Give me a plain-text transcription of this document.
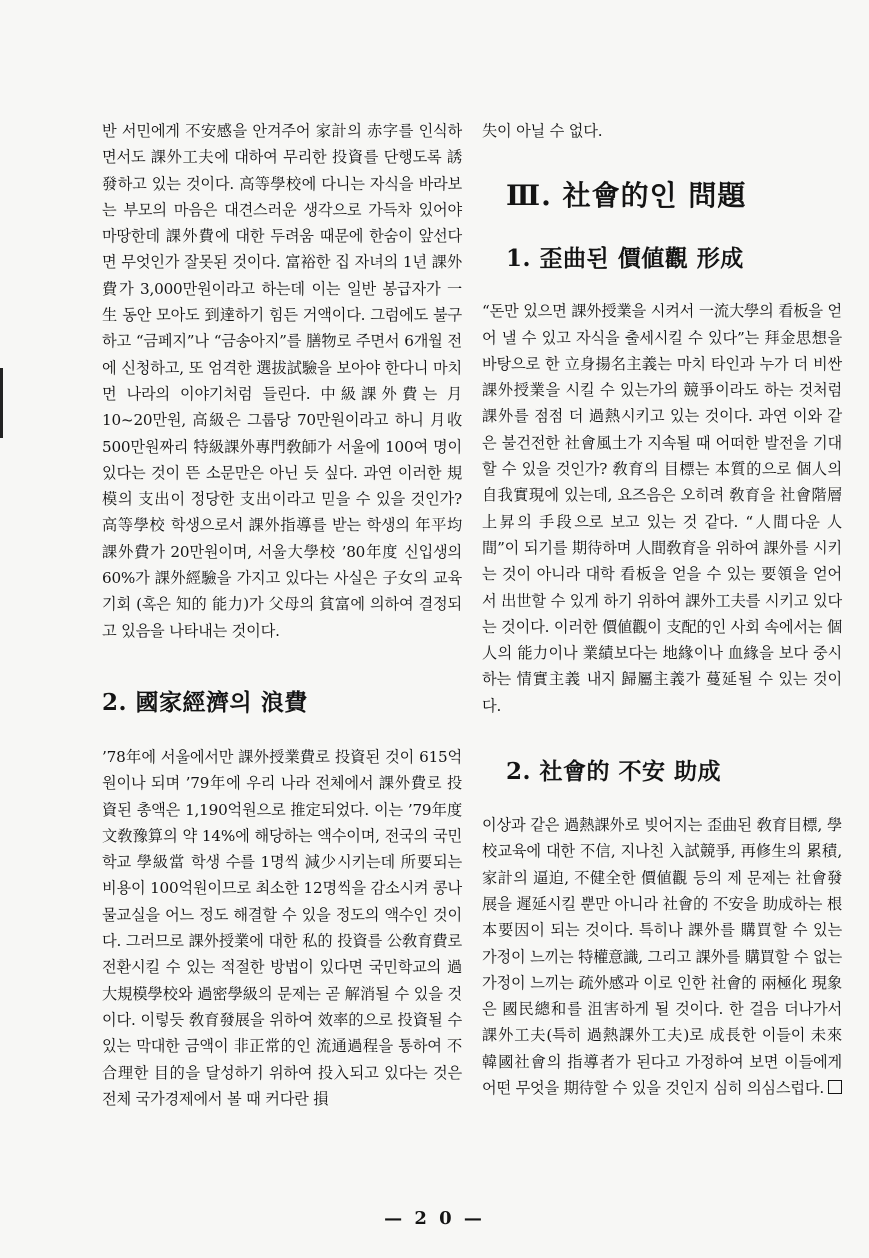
반 서민에게 不安感을 안겨주어 家計의 赤字를 인식하면서도 課外工夫에 대하여 무리한 投資를 단행도록 誘發하고 있는 것이다. 高等學校에 다니는 자식을 바라보는 부모의 마음은 대견스러운 생각으로 가득차 있어야 마땅한데 課外費에 대한 두려움 때문에 한숨이 앞선다면 무엇인가 잘못된 것이다. 富裕한 집 자녀의 1년 課外費가 3,000만원이라고 하는데 이는 일반 봉급자가 一生 동안 모아도 到達하기 힘든 거액이다. 그럼에도 불구하고 “금페지”나 “금송아지”를 膳物로 주면서 6개월 전에 신청하고, 또 엄격한 選拔試驗을 보아야 한다니 마치 먼 나라의 이야기처럼 들린다. 中級課外費는 月 10~20만원, 高級은 그룹당 70만원이라고 하니 月收 500만원짜리 特級課外專門敎師가 서울에 100여 명이 있다는 것이 뜬 소문만은 아닌 듯 싶다. 과연 이러한 規模의 支出이 정당한 支出이라고 믿을 수 있을 것인가? 高等學校 학생으로서 課外指導를 받는 학생의 年平均 課外費가 20만원이며, 서울大學校 ’80年度 신입생의 60%가 課外經驗을 가지고 있다는 사실은 子女의 교육기회 (혹은 知的 能力)가 父母의 貧富에 의하여 결정되고 있음을 나타내는 것이다.

2. 國家經濟의 浪費

’78年에 서울에서만 課外授業費로 投資된 것이 615억원이나 되며 ’79年에 우리 나라 전체에서 課外費로 投資된 총액은 1,190억원으로 推定되었다. 이는 ’79年度 文敎豫算의 약 14%에 해당하는 액수이며, 전국의 국민학교 學級當 학생 수를 1명씩 減少시키는데 所要되는 비용이 100억원이므로 최소한 12명씩을 감소시켜 콩나물교실을 어느 정도 해결할 수 있을 정도의 액수인 것이다. 그러므로 課外授業에 대한 私的 投資를 公敎育費로 전환시킬 수 있는 적절한 방법이 있다면 국민학교의 過大規模學校와 過密學級의 문제는 곧 解消될 수 있을 것이다. 이렇듯 敎育發展을 위하여 效率的으로 投資될 수 있는 막대한 금액이 非正常的인 流通過程을 통하여 不合理한 目的을 달성하기 위하여 投入되고 있다는 것은 전체 국가경제에서 볼 때 커다란 損

失이 아닐 수 없다.

Ⅲ. 社會的인 問題
1. 歪曲된 價値觀 形成

“돈만 있으면 課外授業을 시켜서 一流大學의 看板을 얻어 낼 수 있고 자식을 출세시킬 수 있다”는 拜金思想을 바탕으로 한 立身揚名主義는 마치 타인과 누가 더 비싼 課外授業을 시킬 수 있는가의 競爭이라도 하는 것처럼 課外를 점점 더 過熱시키고 있는 것이다. 과연 이와 같은 불건전한 社會風土가 지속될 때 어떠한 발전을 기대할 수 있을 것인가? 敎育의 目標는 本質的으로 個人의 自我實現에 있는데, 요즈음은 오히려 敎育을 社會階層 上昇의 手段으로 보고 있는 것 같다. “人間다운 人間”이 되기를 期待하며 人間敎育을 위하여 課外를 시키는 것이 아니라 대학 看板을 얻을 수 있는 要領을 얻어서 出世할 수 있게 하기 위하여 課外工夫를 시키고 있다는 것이다. 이러한 價値觀이 支配的인 사회 속에서는 個人의 能力이나 業績보다는 地緣이나 血緣을 보다 중시하는 情實主義 내지 歸屬主義가 蔓延될 수 있는 것이다.

2. 社會的 不安 助成

이상과 같은 過熱課外로 빚어지는 歪曲된 敎育目標, 學校교육에 대한 不信, 지나친 入試競爭, 再修生의 累積, 家計의 逼迫, 不健全한 價値觀 등의 제 문제는 社會發展을 遲延시킬 뿐만 아니라 社會的 不安을 助成하는 根本要因이 되는 것이다. 특히나 課外를 購買할 수 있는 가정이 느끼는 特權意識, 그리고 課外를 購買할 수 없는 가정이 느끼는 疏外感과 이로 인한 社會的 兩極化 現象은 國民總和를 沮害하게 될 것이다. 한 걸음 더나가서 課外工夫(특히 過熱課外工夫)로 成長한 이들이 未來 韓國社會의 指導者가 된다고 가정하여 보면 이들에게 어떤 무엇을 期待할 수 있을 것인지 심히 의심스럽다.

— 2 0 —
